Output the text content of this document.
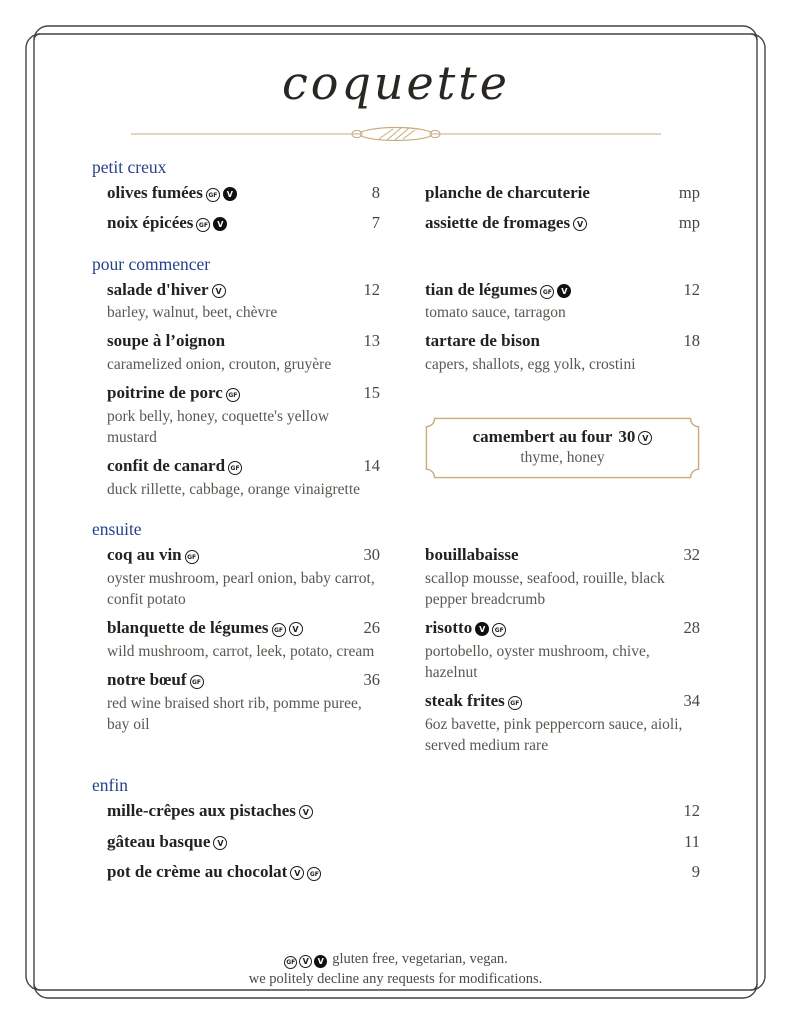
coquette
petit creux
olives fumées GF V	8
noix épicées GF V	7
planche de charcuterie	mp
assiette de fromages V	mp
pour commencer
salade d'hiver V	12
barley, walnut, beet, chèvre
soupe à l’oignon	13
caramelized onion, crouton, gruyère
poitrine de porc GF	15
pork belly, honey, coquette's yellow mustard
confit de canard GF	14
duck rillette, cabbage, orange vinaigrette
tian de légumes GF V	12
tomato sauce, tarragon
tartare de bison	18
capers, shallots, egg yolk, crostini
camembert au four 30 V
thyme, honey
ensuite
coq au vin GF	30
oyster mushroom, pearl onion, baby carrot, confit potato
blanquette de légumes GF V	26
wild mushroom, carrot, leek, potato, cream
notre bœuf GF	36
red wine braised short rib, pomme puree, bay oil
bouillabaisse	32
scallop mousse, seafood, rouille, black pepper breadcrumb
risotto V GF	28
portobello, oyster mushroom, chive, hazelnut
steak frites GF	34
6oz bavette, pink peppercorn sauce, aioli, served medium rare
enfin
mille-crêpes aux pistaches V	12
gâteau basque V	11
pot de crème au chocolat V GF	9
GF V V gluten free, vegetarian, vegan.
we politely decline any requests for modifications.
